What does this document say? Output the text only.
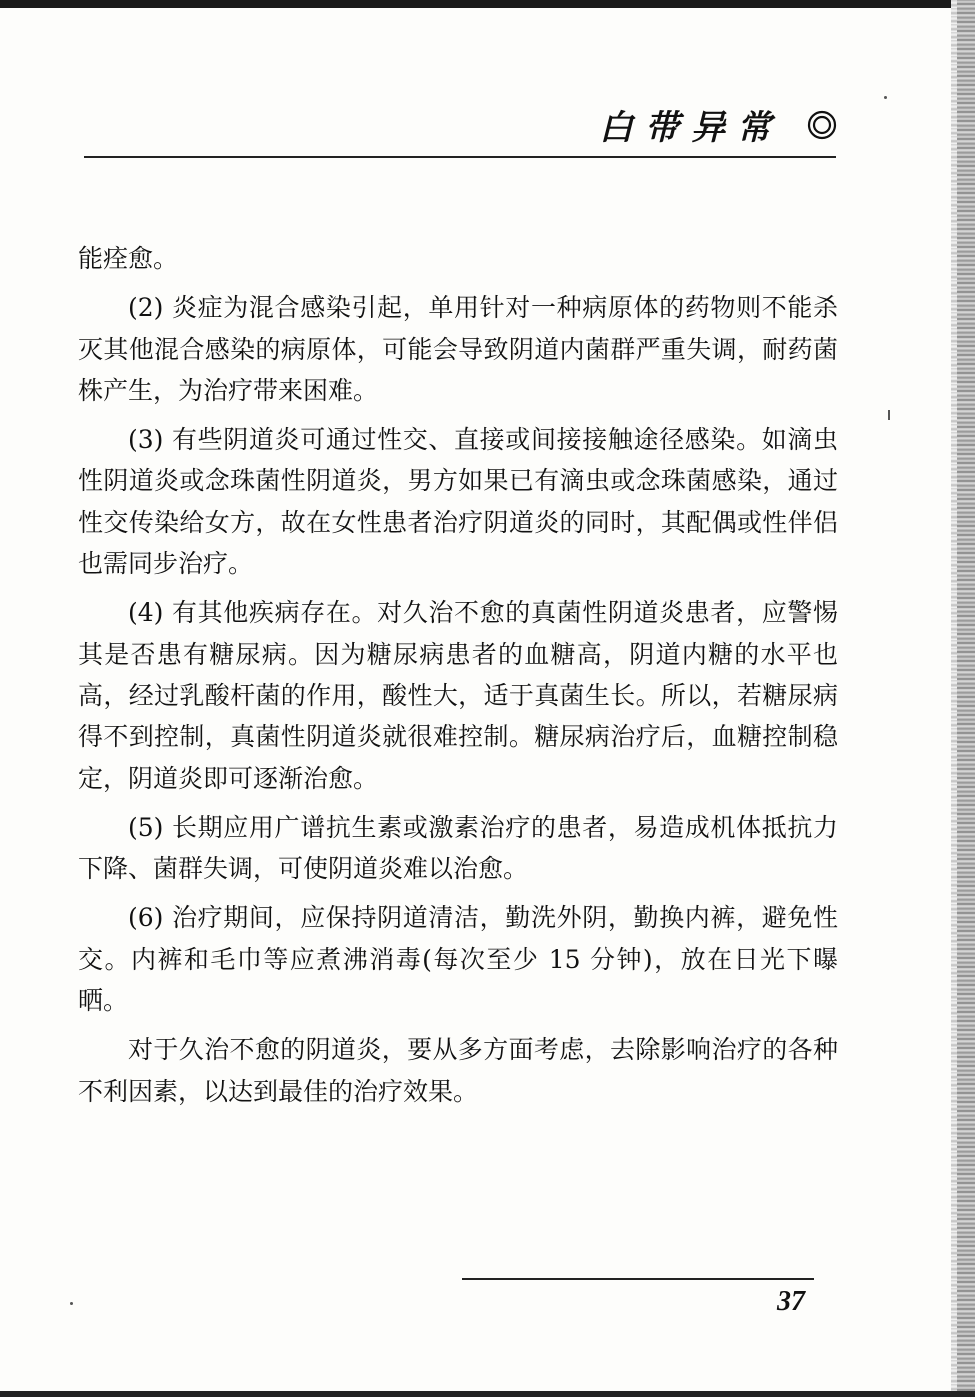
白带异常

能痊愈。

(2) 炎症为混合感染引起，单用针对一种病原体的药物则不能杀灭其他混合感染的病原体，可能会导致阴道内菌群严重失调，耐药菌株产生，为治疗带来困难。

(3) 有些阴道炎可通过性交、直接或间接接触途径感染。如滴虫性阴道炎或念珠菌性阴道炎，男方如果已有滴虫或念珠菌感染，通过性交传染给女方，故在女性患者治疗阴道炎的同时，其配偶或性伴侣也需同步治疗。

(4) 有其他疾病存在。对久治不愈的真菌性阴道炎患者，应警惕其是否患有糖尿病。因为糖尿病患者的血糖高，阴道内糖的水平也高，经过乳酸杆菌的作用，酸性大，适于真菌生长。所以，若糖尿病得不到控制，真菌性阴道炎就很难控制。糖尿病治疗后，血糖控制稳定，阴道炎即可逐渐治愈。

(5) 长期应用广谱抗生素或激素治疗的患者，易造成机体抵抗力下降、菌群失调，可使阴道炎难以治愈。

(6) 治疗期间，应保持阴道清洁，勤洗外阴，勤换内裤，避免性交。内裤和毛巾等应煮沸消毒(每次至少 15 分钟)，放在日光下曝晒。

对于久治不愈的阴道炎，要从多方面考虑，去除影响治疗的各种不利因素，以达到最佳的治疗效果。

37
